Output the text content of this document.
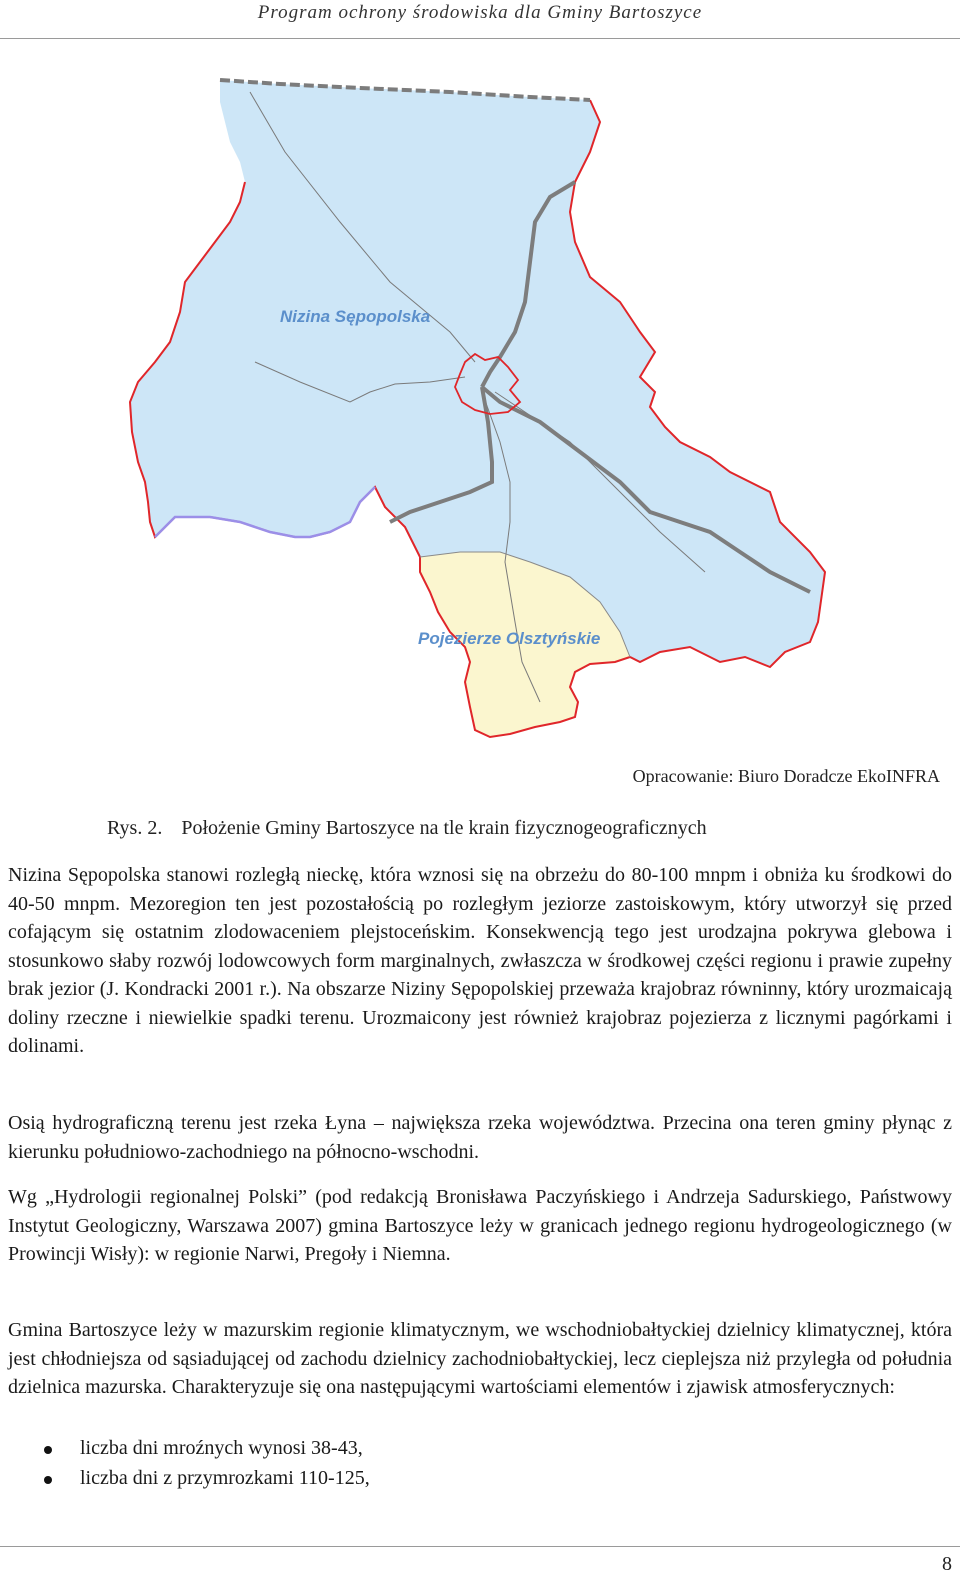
Program ochrony środowiska dla Gminy Bartoszyce
Nizina Sępopolska
Pojezierze Olsztyńskie
Opracowanie: Biuro Doradcze EkoINFRA
Rys. 2. Położenie Gminy Bartoszyce na tle krain fizycznogeograficznych
Nizina Sępopolska stanowi rozległą nieckę, która wznosi się na obrzeżu do 80-100 mnpm i obniża ku środkowi do 40-50 mnpm. Mezoregion ten jest pozostałością po rozległym jeziorze zastoiskowym, który utworzył się przed cofającym się ostatnim zlodowaceniem plejstoceńskim. Konsekwencją tego jest urodzajna pokrywa glebowa i stosunkowo słaby rozwój lodowcowych form marginalnych, zwłaszcza w środkowej części regionu i prawie zupełny brak jezior (J. Kondracki 2001 r.). Na obszarze Niziny Sępopolskiej przeważa krajobraz równinny, który urozmaicają doliny rzeczne i niewielkie spadki terenu. Urozmaicony jest również krajobraz pojezierza z licznymi pagórkami i dolinami.
Osią hydrograficzną terenu jest rzeka Łyna – największa rzeka województwa. Przecina ona teren gminy płynąc z kierunku południowo-zachodniego na północno-wschodni.
Wg „Hydrologii regionalnej Polski” (pod redakcją Bronisława Paczyńskiego i Andrzeja Sadurskiego, Państwowy Instytut Geologiczny, Warszawa 2007) gmina Bartoszyce leży w granicach jednego regionu hydrogeologicznego (w Prowincji Wisły): w regionie Narwi, Pregoły i Niemna.
Gmina Bartoszyce leży w mazurskim regionie klimatycznym, we wschodniobałtyckiej dzielnicy klimatycznej, która jest chłodniejsza od sąsiadującej od zachodu dzielnicy zachodniobałtyckiej, lecz cieplejsza niż przyległa od południa dzielnica mazurska. Charakteryzuje się ona następującymi wartościami elementów i zjawisk atmosferycznych:
liczba dni mroźnych wynosi 38-43,
liczba dni z przymrozkami 110-125,
8
